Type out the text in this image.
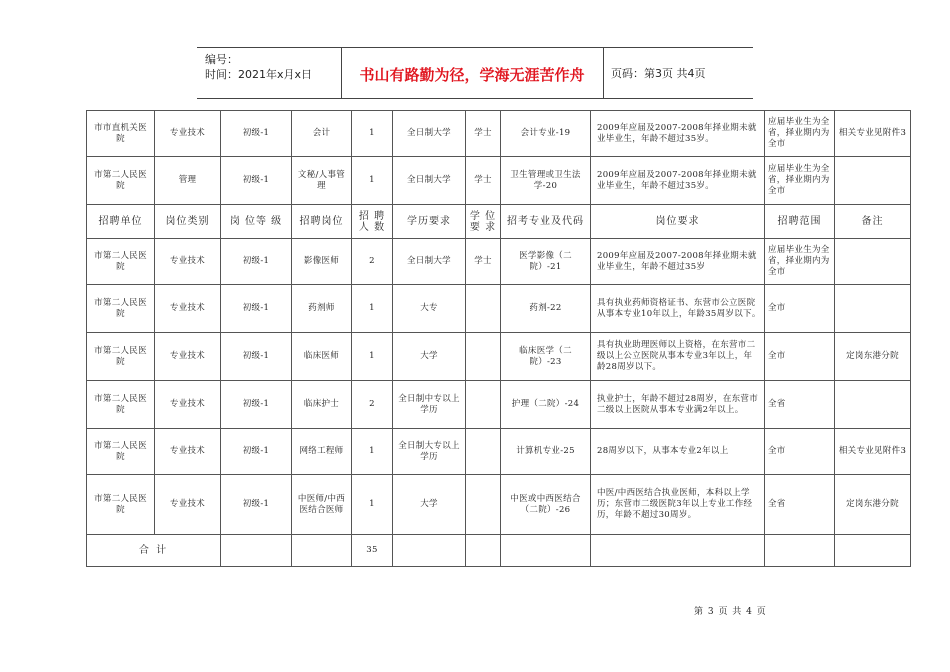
编号：
时间：2021年x月x日	书山有路勤为径，学海无涯苦作舟	页码：第3页 共4页
市市直机关医院	专业技术	初级-1	会计	1	全日制大学	学士	会计专业-19	2009年应届及2007-2008年择业期未就业毕业生，年龄不超过35岁。	应届毕业生为全省，择业期内为全市	相关专业见附件3
市第二人民医院	管理	初级-1	文秘/人事管理	1	全日制大学	学士	卫生管理或卫生法学-20	2009年应届及2007-2008年择业期未就业毕业生，年龄不超过35岁。	应届毕业生为全省，择业期内为全市	
招聘单位	岗位类别	岗 位等 级	招聘岗位	招 聘 人 数	学历要求	学 位 要 求	招考专业及代码	岗位要求	招聘范围	备注
市第二人民医院	专业技术	初级-1	影像医师	2	全日制大学	学士	医学影像（二院）-21	2009年应届及2007-2008年择业期未就业毕业生，年龄不超过35岁	应届毕业生为全省，择业期内为全市	
市第二人民医院	专业技术	初级-1	药剂师	1	大专		药剂-22	具有执业药师资格证书、东营市公立医院从事本专业10年以上，年龄35周岁以下。	全市	
市第二人民医院	专业技术	初级-1	临床医师	1	大学		临床医学（二院）-23	具有执业助理医师以上资格，在东营市二级以上公立医院从事本专业3年以上，年龄28周岁以下。	全市	定岗东港分院
市第二人民医院	专业技术	初级-1	临床护士	2	全日制中专以上学历		护理（二院）-24	执业护士，年龄不超过28周岁，在东营市二级以上医院从事本专业满2年以上。	全省	
市第二人民医院	专业技术	初级-1	网络工程师	1	全日制大专以上学历		计算机专业-25	28周岁以下，从事本专业2年以上	全市	相关专业见附件3
市第二人民医院	专业技术	初级-1	中医师/中西医结合医师	1	大学		中医或中西医结合（二院）-26	中医/中西医结合执业医师，本科以上学历；东营市二级医院3年以上专业工作经历，年龄不超过30周岁。	全省	定岗东港分院
合 计				35						
第 3 页 共 4 页
